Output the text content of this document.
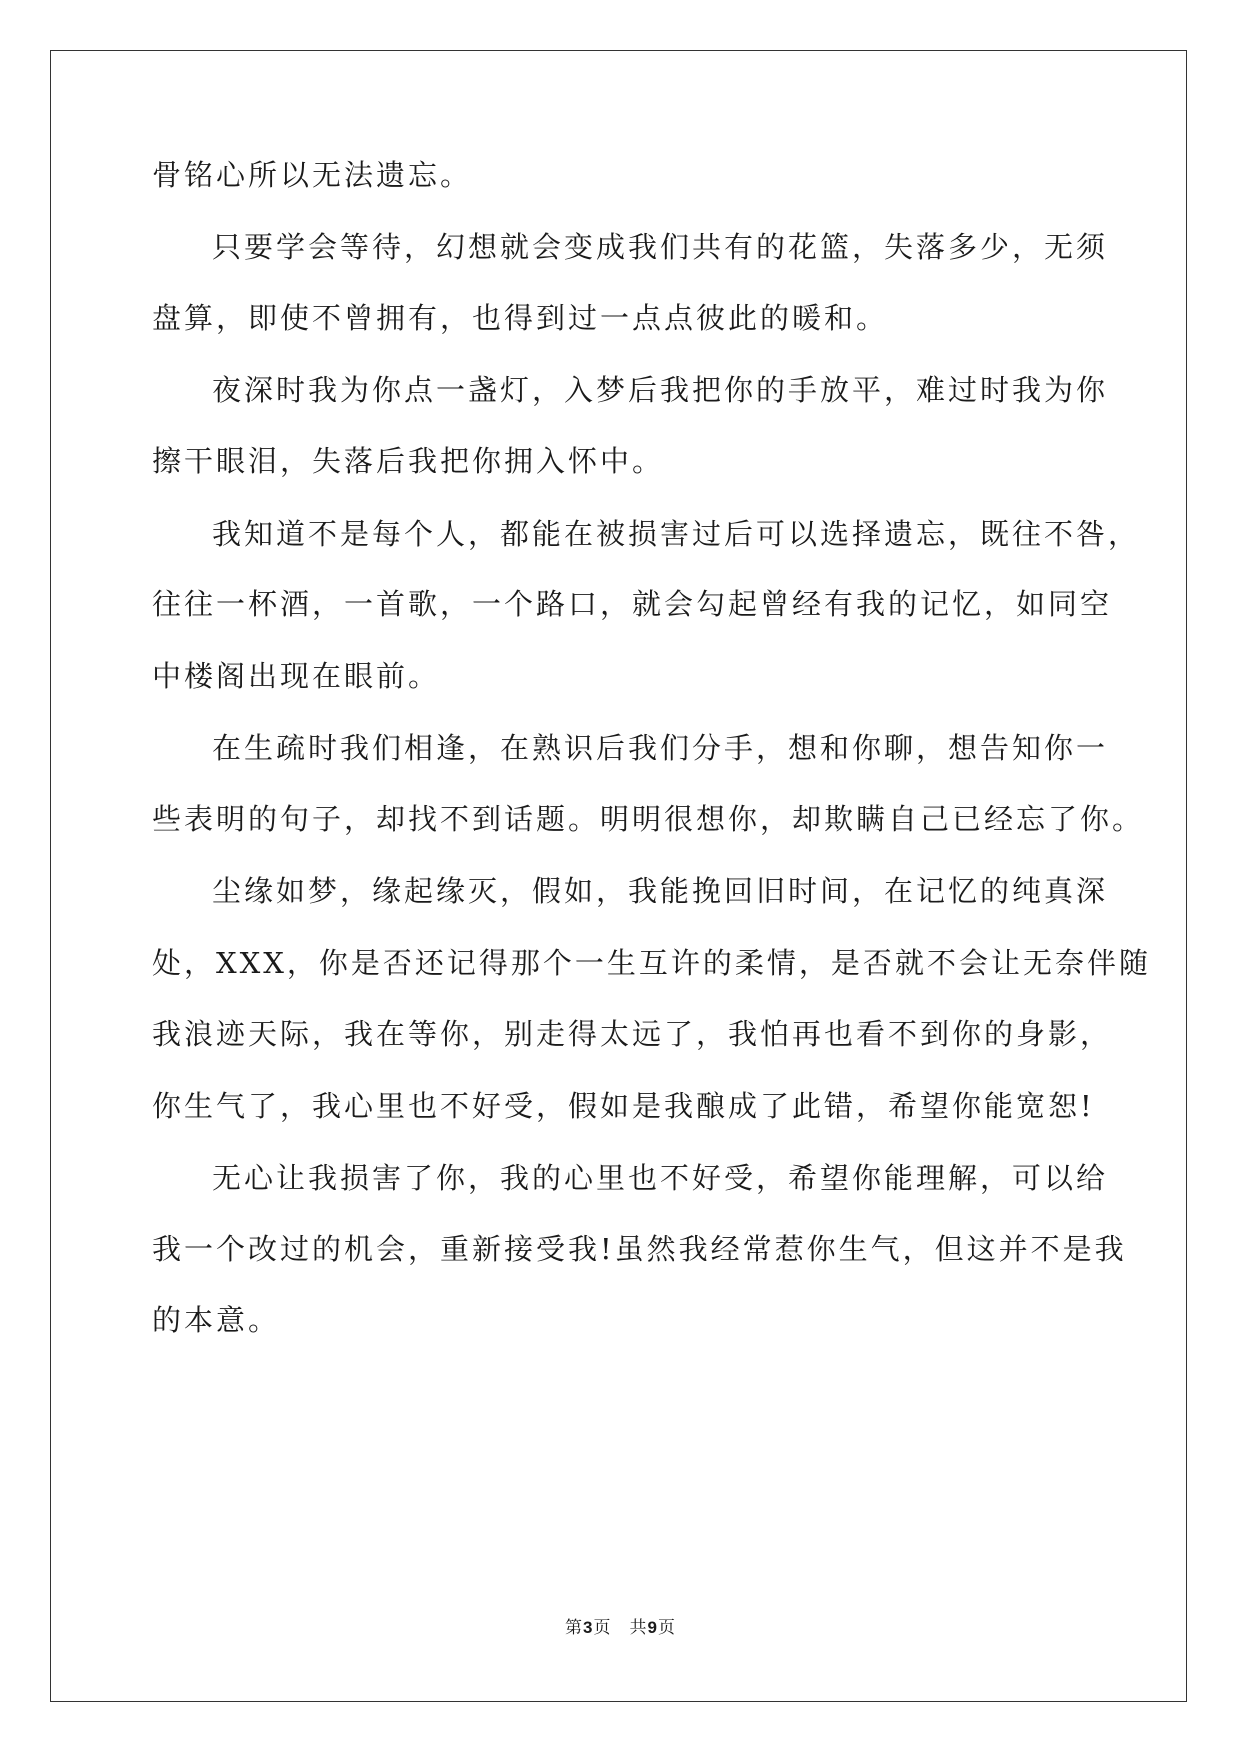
骨铭心所以无法遗忘。
只要学会等待，幻想就会变成我们共有的花篮，失落多少，无须
盘算，即使不曾拥有，也得到过一点点彼此的暖和。
夜深时我为你点一盏灯，入梦后我把你的手放平，难过时我为你
擦干眼泪，失落后我把你拥入怀中。
我知道不是每个人，都能在被损害过后可以选择遗忘，既往不咎，
往往一杯酒，一首歌，一个路口，就会勾起曾经有我的记忆，如同空
中楼阁出现在眼前。
在生疏时我们相逢，在熟识后我们分手，想和你聊，想告知你一
些表明的句子，却找不到话题。明明很想你，却欺瞒自己已经忘了你。
尘缘如梦，缘起缘灭，假如，我能挽回旧时间，在记忆的纯真深
处，XXX，你是否还记得那个一生互许的柔情，是否就不会让无奈伴随
我浪迹天际，我在等你，别走得太远了，我怕再也看不到你的身影，
你生气了，我心里也不好受，假如是我酿成了此错，希望你能宽恕!
无心让我损害了你，我的心里也不好受，希望你能理解，可以给
我一个改过的机会，重新接受我!虽然我经常惹你生气，但这并不是我
的本意。
第3页　共9页
